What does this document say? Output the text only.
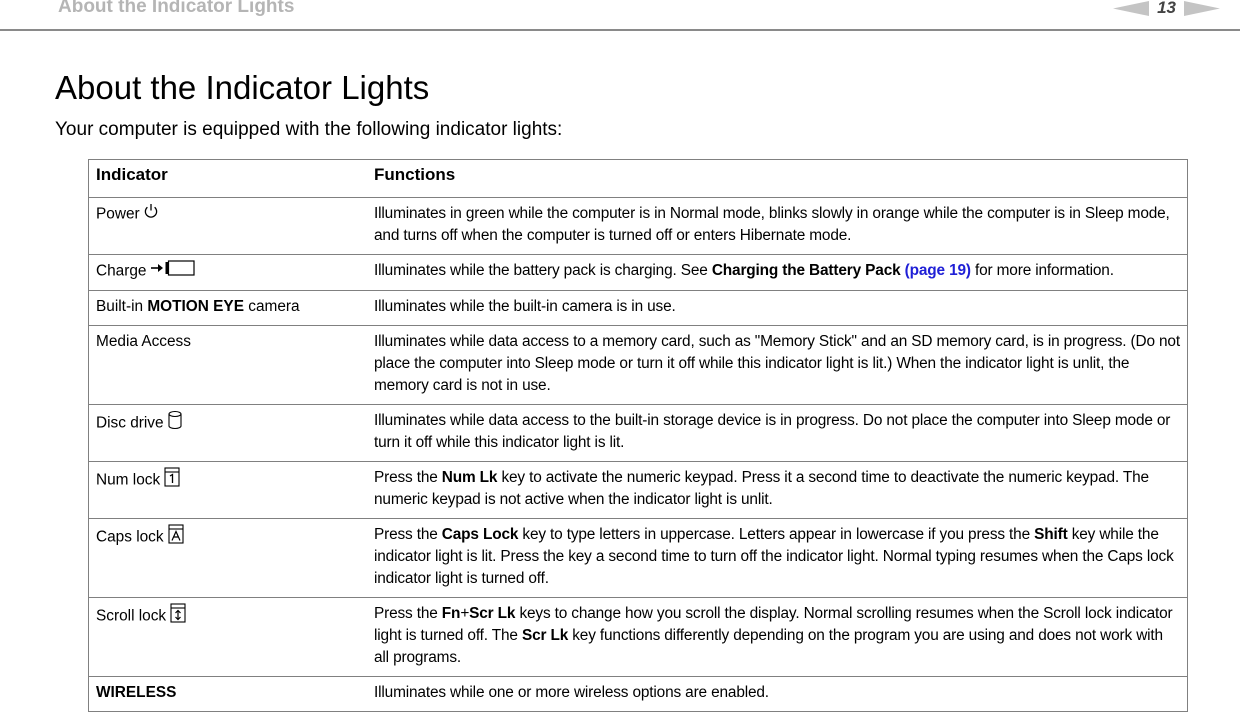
About the Indicator Lights	13
About the Indicator Lights

Your computer is equipped with the following indicator lights:

Indicator	Functions
Power	Illuminates in green while the computer is in Normal mode, blinks slowly in orange while the computer is in Sleep mode, and turns off when the computer is turned off or enters Hibernate mode.
Charge	Illuminates while the battery pack is charging. See Charging the Battery Pack (page 19) for more information.
Built-in MOTION EYE camera	Illuminates while the built-in camera is in use.
Media Access	Illuminates while data access to a memory card, such as "Memory Stick" and an SD memory card, is in progress. (Do not place the computer into Sleep mode or turn it off while this indicator light is lit.) When the indicator light is unlit, the memory card is not in use.
Disc drive	Illuminates while data access to the built-in storage device is in progress. Do not place the computer into Sleep mode or turn it off while this indicator light is lit.
Num lock	Press the Num Lk key to activate the numeric keypad. Press it a second time to deactivate the numeric keypad. The numeric keypad is not active when the indicator light is unlit.
Caps lock	Press the Caps Lock key to type letters in uppercase. Letters appear in lowercase if you press the Shift key while the indicator light is lit. Press the key a second time to turn off the indicator light. Normal typing resumes when the Caps lock indicator light is turned off.
Scroll lock	Press the Fn+Scr Lk keys to change how you scroll the display. Normal scrolling resumes when the Scroll lock indicator light is turned off. The Scr Lk key functions differently depending on the program you are using and does not work with all programs.
WIRELESS	Illuminates while one or more wireless options are enabled.
